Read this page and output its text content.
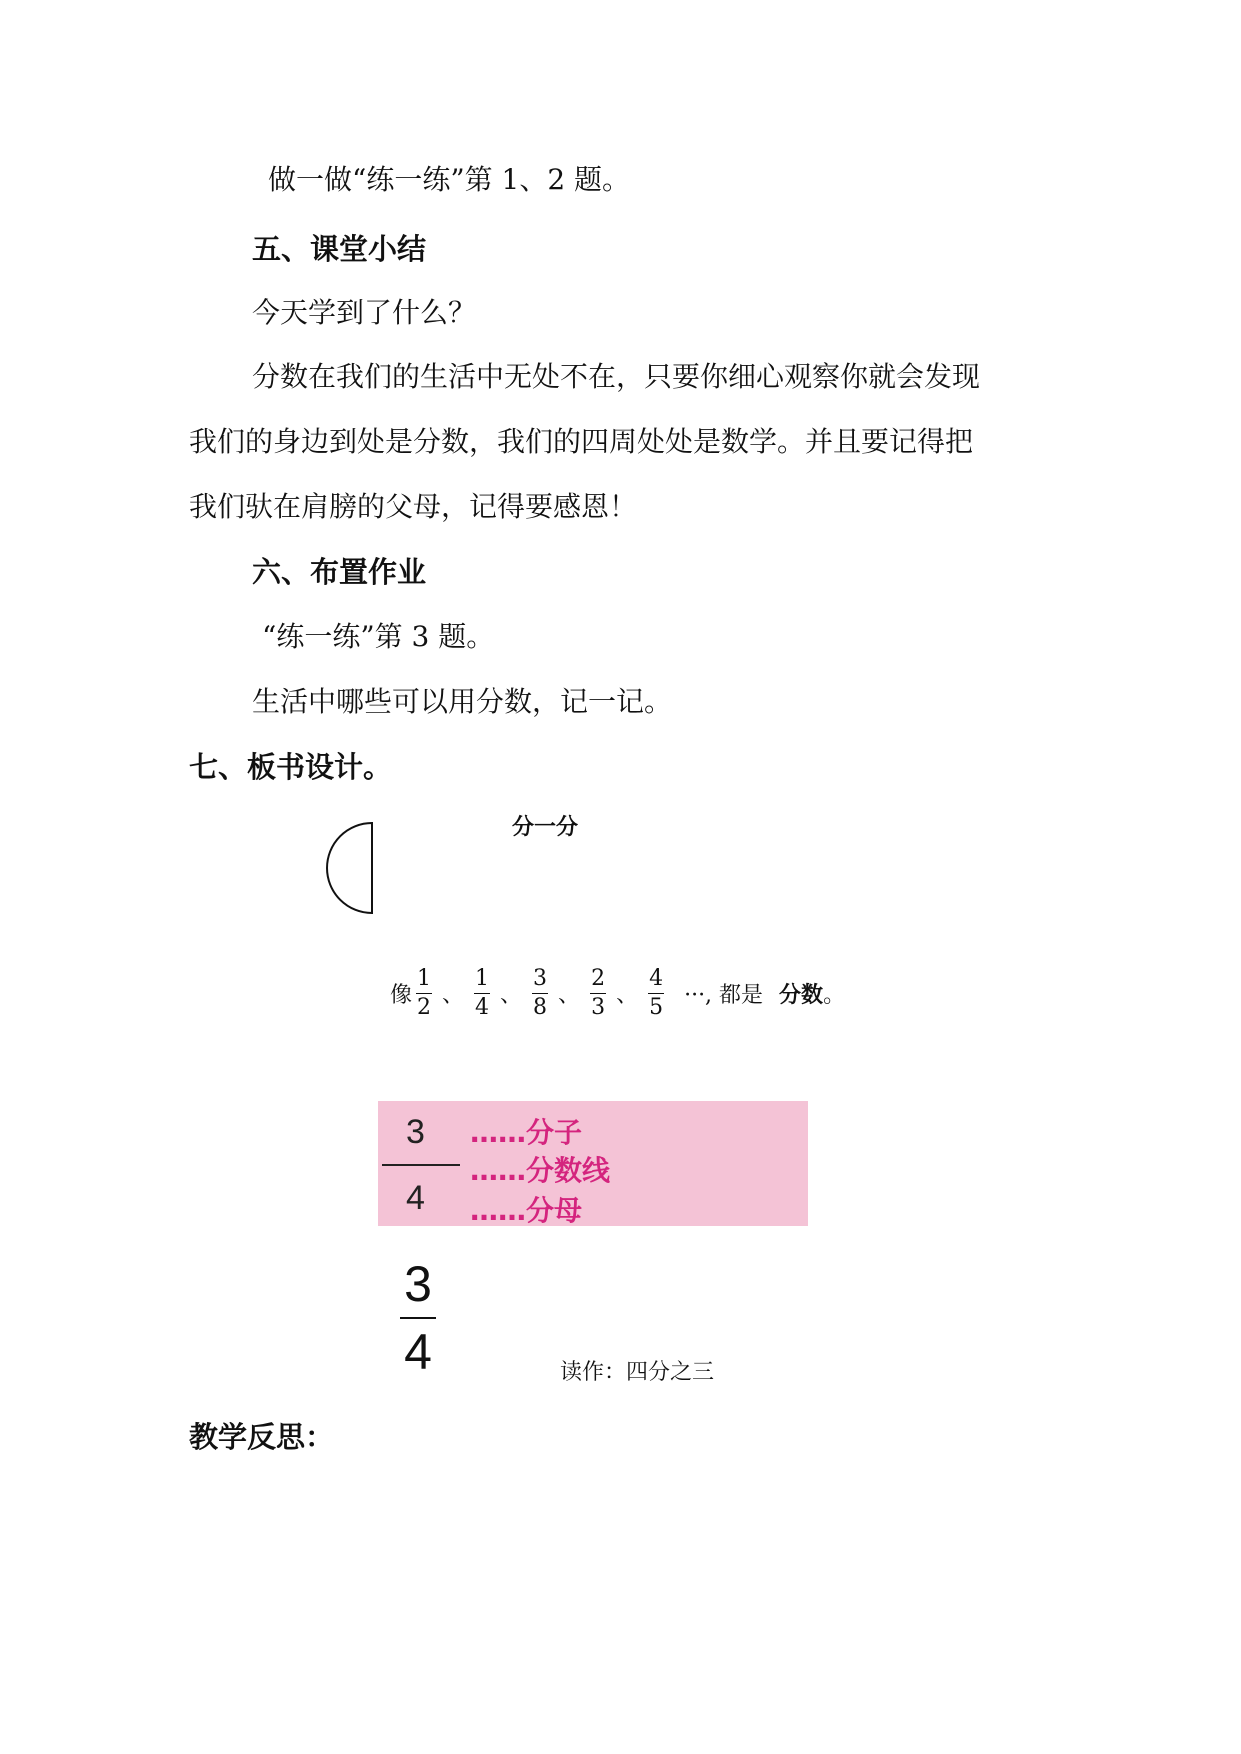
做一做“练一练”第 1、2 题。
五、课堂小结
今天学到了什么？
分数在我们的生活中无处不在，只要你细心观察你就会发现
我们的身边到处是分数，我们的四周处处是数学。并且要记得把
我们驮在肩膀的父母，记得要感恩！
六、布置作业
“练一练”第 3 题。
生活中哪些可以用分数，记一记。
七、板书设计。
分一分
像 $\frac{1}{2}$ 、 $\frac{1}{4}$ 、 $\frac{3}{8}$ 、 $\frac{2}{3}$ 、 $\frac{4}{5}$ ···, 都是 分数 。
3
4
……分子
……分数线
……分母
3
4	读作：四分之三
教学反思：
